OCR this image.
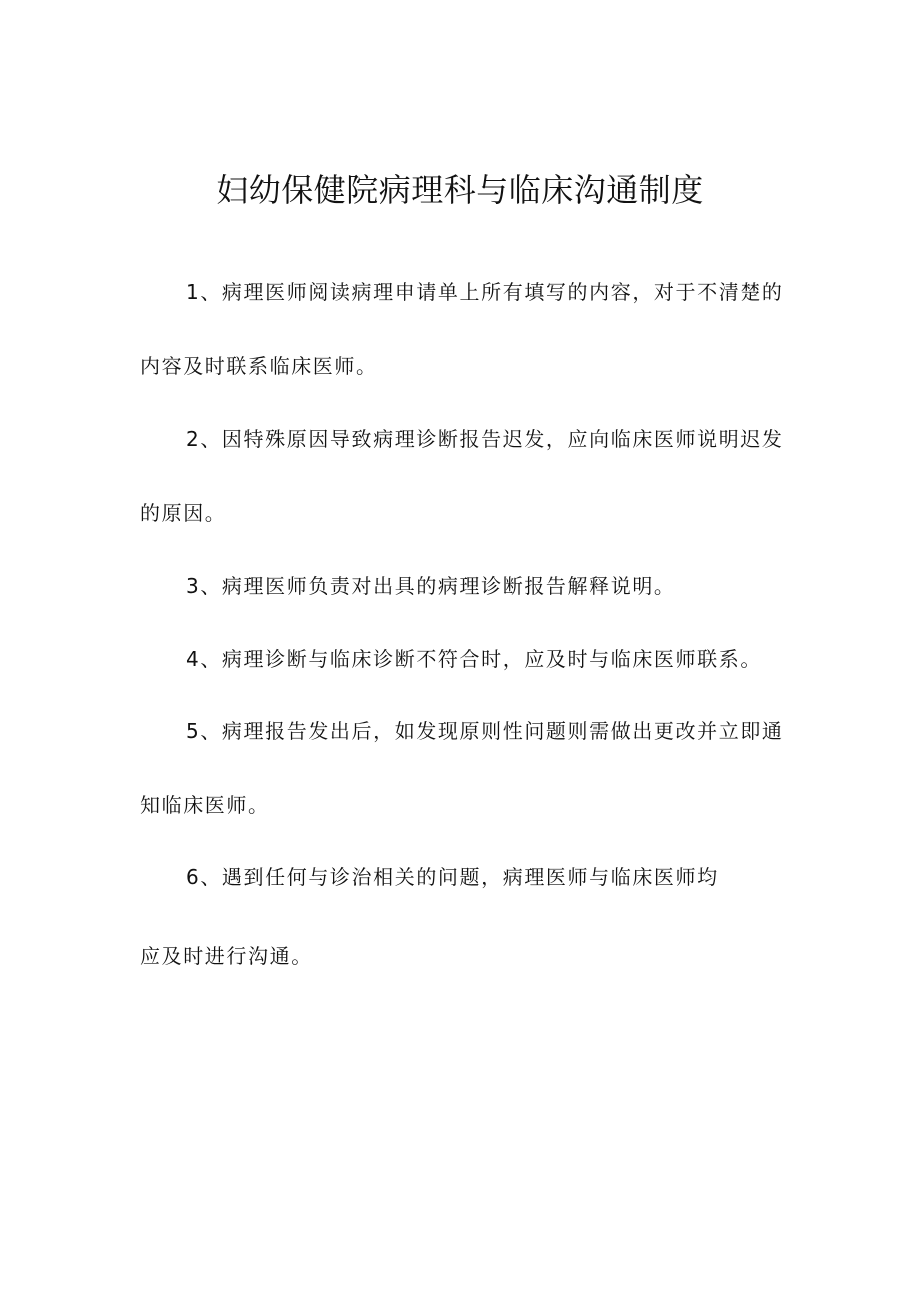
妇幼保健院病理科与临床沟通制度

1、病理医师阅读病理申请单上所有填写的内容，对于不清楚的

内容及时联系临床医师。

2、因特殊原因导致病理诊断报告迟发，应向临床医师说明迟发

的原因。

3、病理医师负责对出具的病理诊断报告解释说明。

4、病理诊断与临床诊断不符合时，应及时与临床医师联系。

5、病理报告发出后，如发现原则性问题则需做出更改并立即通

知临床医师。

6、遇到任何与诊治相关的问题，病理医师与临床医师均

应及时进行沟通。
